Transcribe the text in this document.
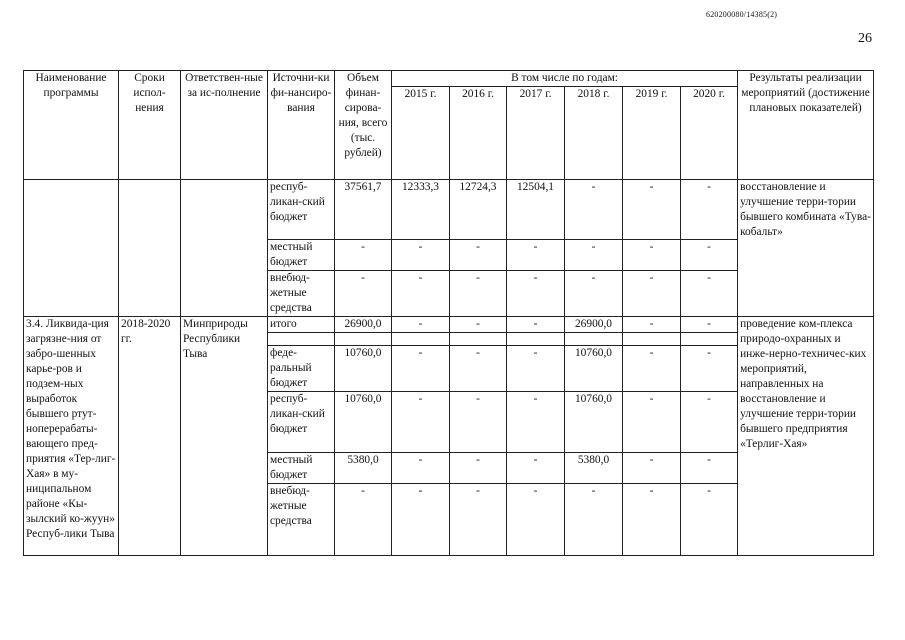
620200080/14385(2)
26
Наименование программы	Сроки испол-нения	Ответствен-ные за ис-полнение	Источни-ки фи-нансиро-вания	Объем финан-сирова-ния, всего (тыс. рублей)	В том числе по годам:						Результаты реализации мероприятий (достижение плановых показателей)
					2015 г.	2016 г.	2017 г.	2018 г.	2019 г.	2020 г.	
			респуб-ликан-ский бюджет	37561,7	12333,3	12724,3	12504,1	-	-	-	восстановление и улучшение терри-тории бывшего комбината «Тува-кобальт»
			местный бюджет	-	-	-	-	-	-	-	
			внебюд-жетные средства	-	-	-	-	-	-	-	
3.4. Ликвида-ция загрязне-ния от забро-шенных карье-ров и подзем-ных выработок бывшего ртут-ноперерабаты-вающего пред-приятия «Тер-лиг-Хая» в му-ниципальном районе «Кы-зылский ко-жуун» Респуб-лики Тыва	2018-2020 гг.	Минприроды Республики Тыва	итого	26900,0	-	-	-	26900,0	-	-	проведение ком-плекса природо-охранных и инже-нерно-техничес-ких мероприятий, направленных на восстановление и улучшение терри-тории бывшего предприятия «Терлиг-Хая»

			феде-ральный бюджет	10760,0	-	-	-	10760,0	-	-	
			респуб-ликан-ский бюджет	10760,0	-	-	-	10760,0	-	-	
			местный бюджет	5380,0	-	-	-	5380,0	-	-	
			внебюд-жетные средства	-	-	-	-	-	-	-	
